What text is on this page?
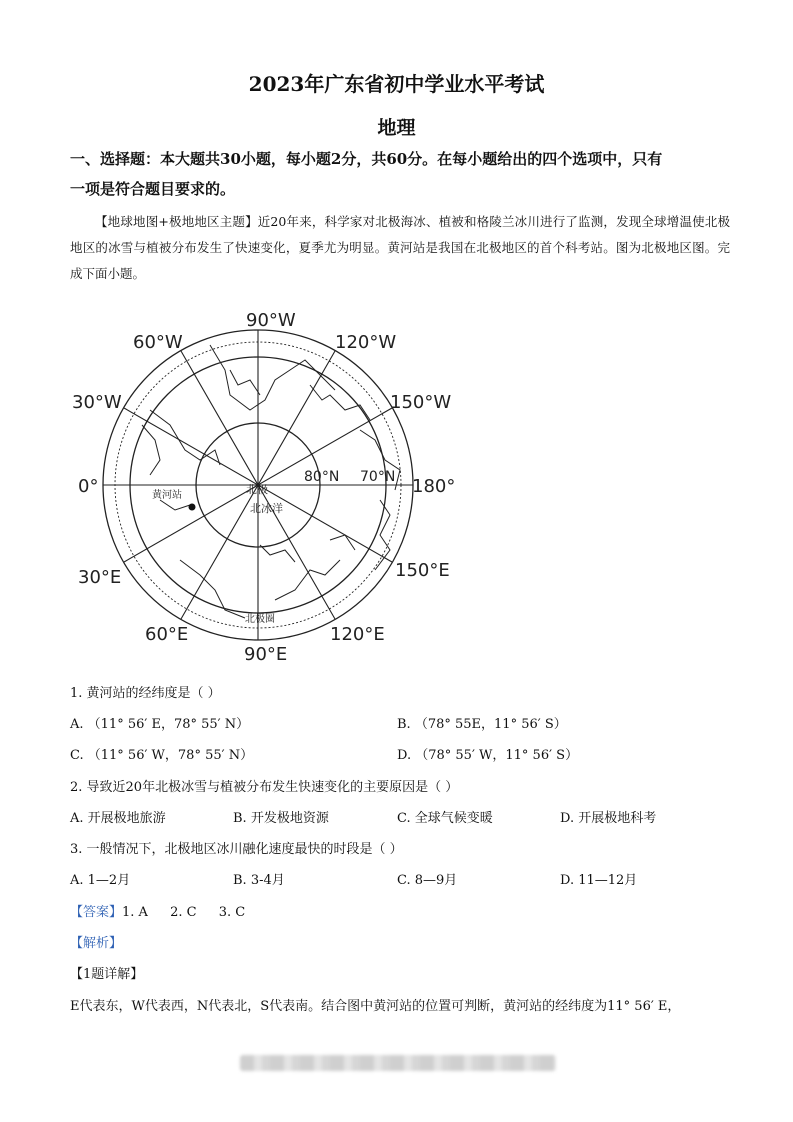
2023年广东省初中学业水平考试
地理
一、选择题：本大题共30小题，每小题2分，共60分。在每小题给出的四个选项中，只有
一项是符合题目要求的。
【地球地图+极地地区主题】近20年来，科学家对北极海冰、植被和格陵兰冰川进行了监测，发现全球增温使北极地区的冰雪与植被分布发生了快速变化，夏季尤为明显。黄河站是我国在北极地区的首个科考站。图为北极地区图。完成下面小题。
90°W
60°W	120°W
30°W	150°W
0°	180°
30°E	150°E
60°E	120°E
90°E
80°N 70°N
北极
北冰洋
黄河站
北极圈
1. 黄河站的经纬度是（ ）
A. （11° 56′ E，78° 55′ N）	B. （78° 55E，11° 56′ S）
C. （11° 56′ W，78° 55′ N）	D. （78° 55′ W，11° 56′ S）
2. 导致近20年北极冰雪与植被分布发生快速变化的主要原因是（ ）
A. 开展极地旅游	B. 开发极地资源	C. 全球气候变暖	D. 开展极地科考
3. 一般情况下，北极地区冰川融化速度最快的时段是（ ）
A. 1—2月	B. 3-4月	C. 8—9月	D. 11—12月
【答案】1. A 2. C 3. C
【解析】
【1题详解】
E代表东，W代表西，N代表北，S代表南。结合图中黄河站的位置可判断，黄河站的经纬度为11° 56′ E，
